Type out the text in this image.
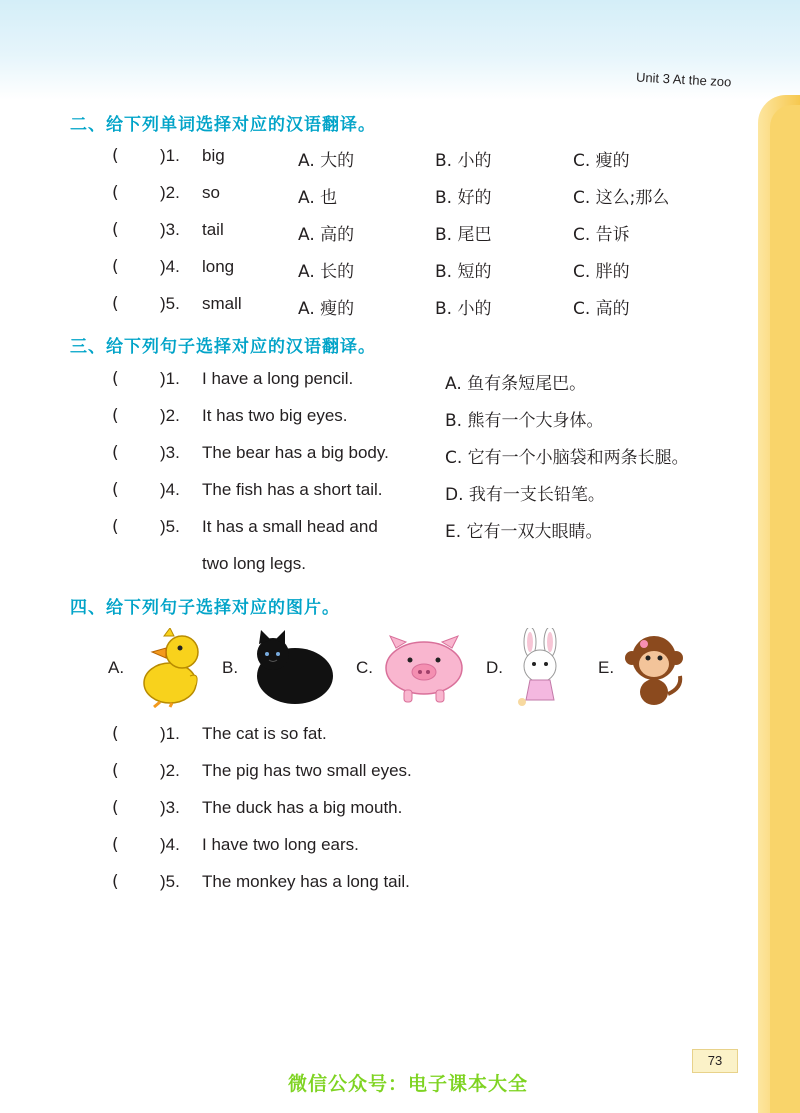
Unit 3 At the zoo
二、给下列单词选择对应的汉语翻译。
( )1. big	A. 大的	B. 小的	C. 瘦的
( )2. so	A. 也	B. 好的	C. 这么;那么
( )3. tail	A. 高的	B. 尾巴	C. 告诉
( )4. long	A. 长的	B. 短的	C. 胖的
( )5. small	A. 瘦的	B. 小的	C. 高的
三、给下列句子选择对应的汉语翻译。
( )1. I have a long pencil.	A. 鱼有条短尾巴。
( )2. It has two big eyes.	B. 熊有一个大身体。
( )3. The bear has a big body.	C. 它有一个小脑袋和两条长腿。
( )4. The fish has a short tail.	D. 我有一支长铅笔。
( )5. It has a small head and	E. 它有一双大眼睛。
two long legs.
四、给下列句子选择对应的图片。
A.	B.	C.	D.	E.
( )1. The cat is so fat.
( )2. The pig has two small eyes.
( )3. The duck has a big mouth.
( )4. I have two long ears.
( )5. The monkey has a long tail.
73
微信公众号：电子课本大全
